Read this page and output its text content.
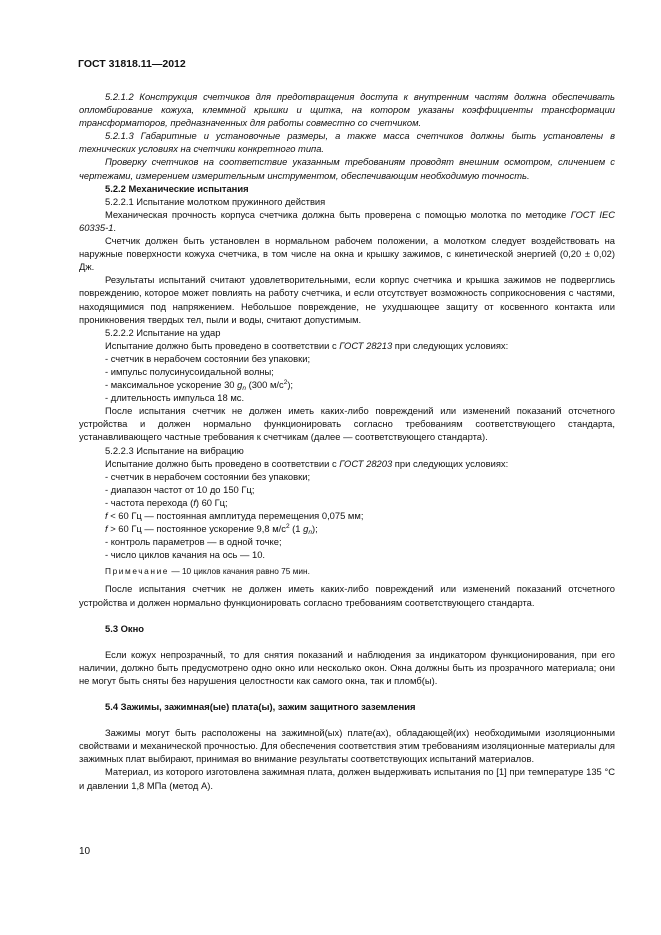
ГОСТ 31818.11—2012

5.2.1.2 Конструкция счетчиков для предотвращения доступа к внутренним частям должна обеспечивать опломбирование кожуха, клеммной крышки и щитка, на котором указаны коэффициенты трансформации трансформаторов, предназначенных для работы совместно со счетчиком.

5.2.1.3 Габаритные и установочные размеры, а также масса счетчиков должны быть установлены в технических условиях на счетчики конкретного типа.

Проверку счетчиков на соответствие указанным требованиям проводят внешним осмотром, сличением с чертежами, измерением измерительным инструментом, обеспечивающим необходимую точность.

5.2.2 Механические испытания

5.2.2.1 Испытание молотком пружинного действия

Механическая прочность корпуса счетчика должна быть проверена с помощью молотка по методике ГОСТ IEC 60335-1.

Счетчик должен быть установлен в нормальном рабочем положении, а молотком следует воздействовать на наружные поверхности кожуха счетчика, в том числе на окна и крышку зажимов, с кинетической энергией (0,20 ± 0,02) Дж.

Результаты испытаний считают удовлетворительными, если корпус счетчика и крышка зажимов не подверглись повреждению, которое может повлиять на работу счетчика, и если отсутствует возможность соприкосновения с частями, находящимися под напряжением. Небольшое повреждение, не ухудшающее защиту от косвенного контакта или проникновения твердых тел, пыли и воды, считают допустимым.

5.2.2.2 Испытание на удар

Испытание должно быть проведено в соответствии с ГОСТ 28213 при следующих условиях:

- счетчик в нерабочем состоянии без упаковки;

- импульс полусинусоидальной волны;

- максимальное ускорение 30 $g_n$ (300 $м/с^2$);

- длительность импульса 18 мс.

После испытания счетчик не должен иметь каких-либо повреждений или изменений показаний отсчетного устройства и должен нормально функционировать согласно требованиям соответствующего стандарта, устанавливающего частные требования к счетчикам (далее — соответствующего стандарта).

5.2.2.3 Испытание на вибрацию

Испытание должно быть проведено в соответствии с ГОСТ 28203 при следующих условиях:

- счетчик в нерабочем состоянии без упаковки;

- диапазон частот от 10 до 150 Гц;

- частота перехода (f) 60 Гц;

f < 60 Гц — постоянная амплитуда перемещения 0,075 мм;

f > 60 Гц — постоянное ускорение 9,8 $м/с^2$ (1 $g_n$);

- контроль параметров — в одной точке;

- число циклов качания на ось — 10.

Примечание — 10 циклов качания равно 75 мин.

После испытания счетчик не должен иметь каких-либо повреждений или изменений показаний отсчетного устройства и должен нормально функционировать согласно требованиям соответствующего стандарта.

5.3 Окно

Если кожух непрозрачный, то для снятия показаний и наблюдения за индикатором функционирования, при его наличии, должно быть предусмотрено одно окно или несколько окон. Окна должны быть из прозрачного материала; они не могут быть сняты без нарушения целостности как самого окна, так и пломб(ы).

5.4 Зажимы, зажимная(ые) плата(ы), зажим защитного заземления

Зажимы могут быть расположены на зажимной(ых) плате(ах), обладающей(их) необходимыми изоляционными свойствами и механической прочностью. Для обеспечения соответствия этим требованиям изоляционные материалы для зажимных плат выбирают, принимая во внимание результаты соответствующих испытаний материалов.

Материал, из которого изготовлена зажимная плата, должен выдерживать испытания по [1] при температуре 135 °С и давлении 1,8 МПа (метод А).

10
